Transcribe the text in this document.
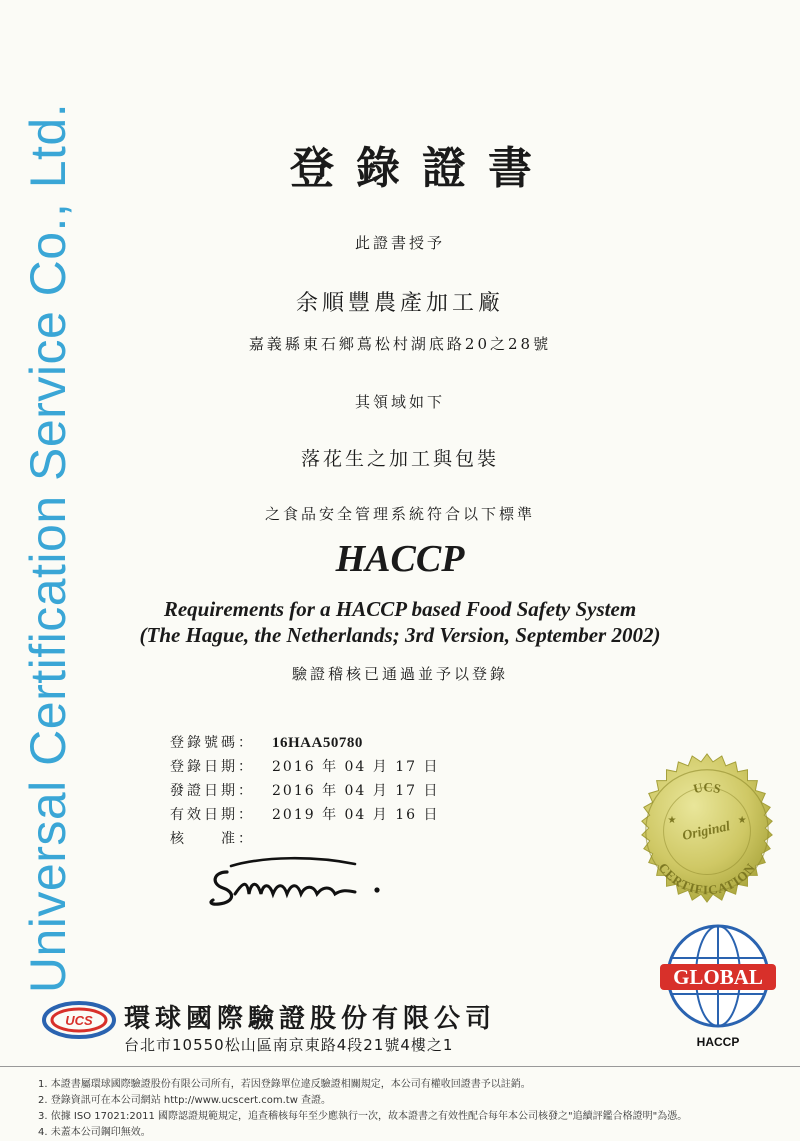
Universal Certification Service Co., Ltd.	登錄證書
此證書授予
余順豐農產加工廠
嘉義縣東石鄉蔦松村湖底路20之28號
其領域如下
落花生之加工與包裝
之食品安全管理系統符合以下標準
HACCP
Requirements for a HACCP based Food Safety System
(The Hague, the Netherlands; 3rd Version, September 2002)
驗證稽核已通過並予以登錄
登錄號碼： 16HAA50780
登錄日期： 2016 年 04 月 17 日
發證日期： 2016 年 04 月 17 日
有效日期： 2019 年 04 月 16 日
核　　准：
UCS
Original
CERTIFICATION
★	★
GLOBAL
HACCP
UCS 環球國際驗證股份有限公司
台北市10550松山區南京東路4段21號4樓之1
1. 本證書屬環球國際驗證股份有限公司所有，若因登錄單位違反驗證相關規定，本公司有權收回證書予以註銷。
2. 登錄資訊可在本公司網站 http://www.ucscert.com.tw 查證。
3. 依據 ISO 17021:2011 國際認證規範規定，追查稽核每年至少應執行一次，故本證書之有效性配合每年本公司核發之"追續評鑑合格證明"為憑。
4. 未蓋本公司鋼印無效。
